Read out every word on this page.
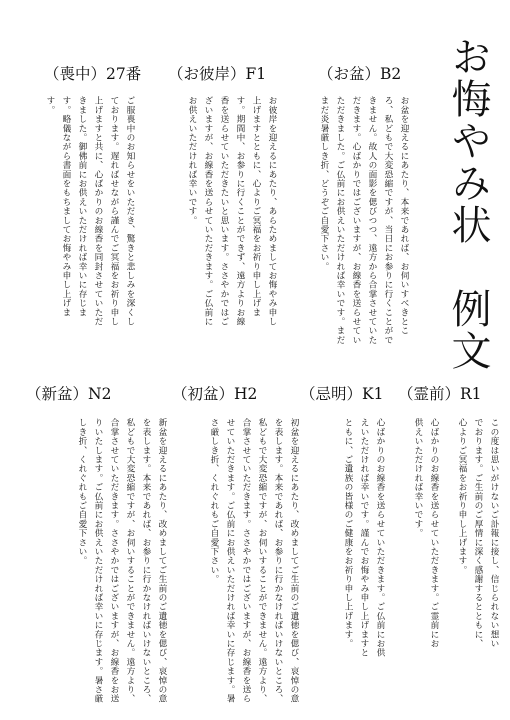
お悔やみ状　例文
（喪中）27番
ご服喪中のお知らせをいただき、驚きと悲しみを深くしております。遅ればせながら謹んでご冥福をお祈り申し上げますと共に、心ばかりのお線香を同封させていただきました。御佛前にお供えいただければ幸いに存じます。略儀ながら書面をもちましてお悔やみ申し上げます。
（お彼岸）F1
お彼岸を迎えるにあたり、あらためましてお悔やみ申し上げますとともに、心よりご冥福をお祈り申し上げます。期間中、お参りに行くことができず、遠方よりお線香を送らせていただきたいと思います。ささやかではございますが、お線香を送らせていただきます。ご仏前にお供えいただければ幸いです。
（お盆）B2
お盆を迎えるにあたり、本来であれば、お伺いすべきところ、私どもで大変恐縮ですが、当日にお参りに行くことができません。故人の面影を偲びつつ、遠方から合掌させていただきます。心ばかりではございますが、お線香を送らせていただきました。ご仏前にお供えいただければ幸いです。まだまだ炎暑厳しき折、どうぞご自愛下さい。
（新盆）N2
新盆を迎えるにあたり、改めましてご生前のご遺徳を偲び、哀悼の意を表します。本来であれば、お参りに行かなければいけないところ、私どもで大変恐縮ですが、お伺いすることができません。遠方より、合掌させていただきます。ささやかではございますが、お線香をお送りいたします。ご仏前にお供えいただければ幸いに存じます。暑さ厳しき折、くれぐれもご自愛下さい。
（初盆）H2
初盆を迎えるにあたり、改めましてご生前のご遺徳を偲び、哀悼の意を表します。本来であれば、お参りに行かなければいけないところ、私どもで大変恐縮ですが、お伺いすることができません。遠方より、合掌させていただきます。ささやかではございますが、お線香を送らせていただきます。ご仏前にお供えいただければ幸いに存じます。暑さ厳しき折、くれぐれもご自愛下さい。
（忌明）K1
心ばかりのお線香を送らせていただきます。ご仏前にお供えいただければ幸いです。謹んでお悔やみ申し上げますとともに、ご遺族の皆様のご健康をお祈り申し上げます。
（霊前）R1
心ばかりのお線香を送らせていただきます。ご霊前にお供えいただければ幸いです。	この度は思いがけないご訃報に接し、信じられない想いでおります。ご生前のご厚情に深く感謝するとともに、心よりご冥福をお祈り申し上げます。
